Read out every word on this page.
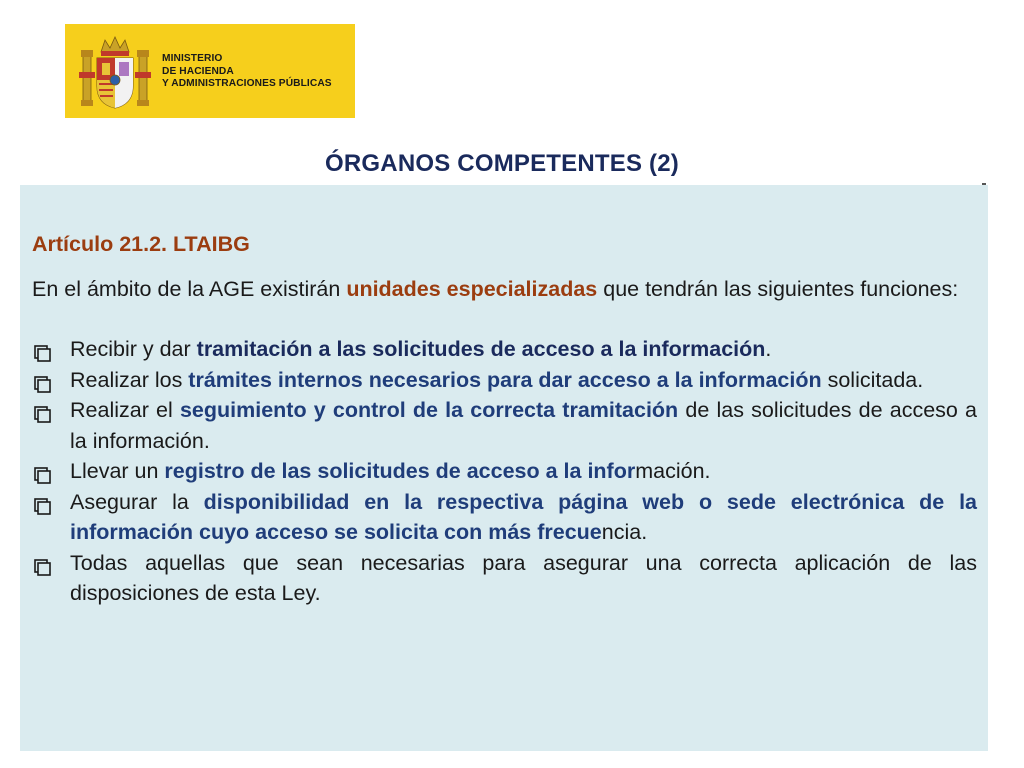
MINISTERIO
DE HACIENDA
Y ADMINISTRACIONES PÚBLICAS
ÓRGANOS COMPETENTES (2)

Artículo 21.2. LTAIBG

En el ámbito de la AGE existirán unidades especializadas que tendrán las siguientes funciones:

Recibir y dar tramitación a las solicitudes de acceso a la información.
Realizar los trámites internos necesarios para dar acceso a la información solicitada.
Realizar el seguimiento y control de la correcta tramitación de las solicitudes de acceso a la información.
Llevar un registro de las solicitudes de acceso a la información.
Asegurar la disponibilidad en la respectiva página web o sede electrónica de la información cuyo acceso se solicita con más frecuencia.
Todas aquellas que sean necesarias para asegurar una correcta aplicación de las disposiciones de esta Ley.
